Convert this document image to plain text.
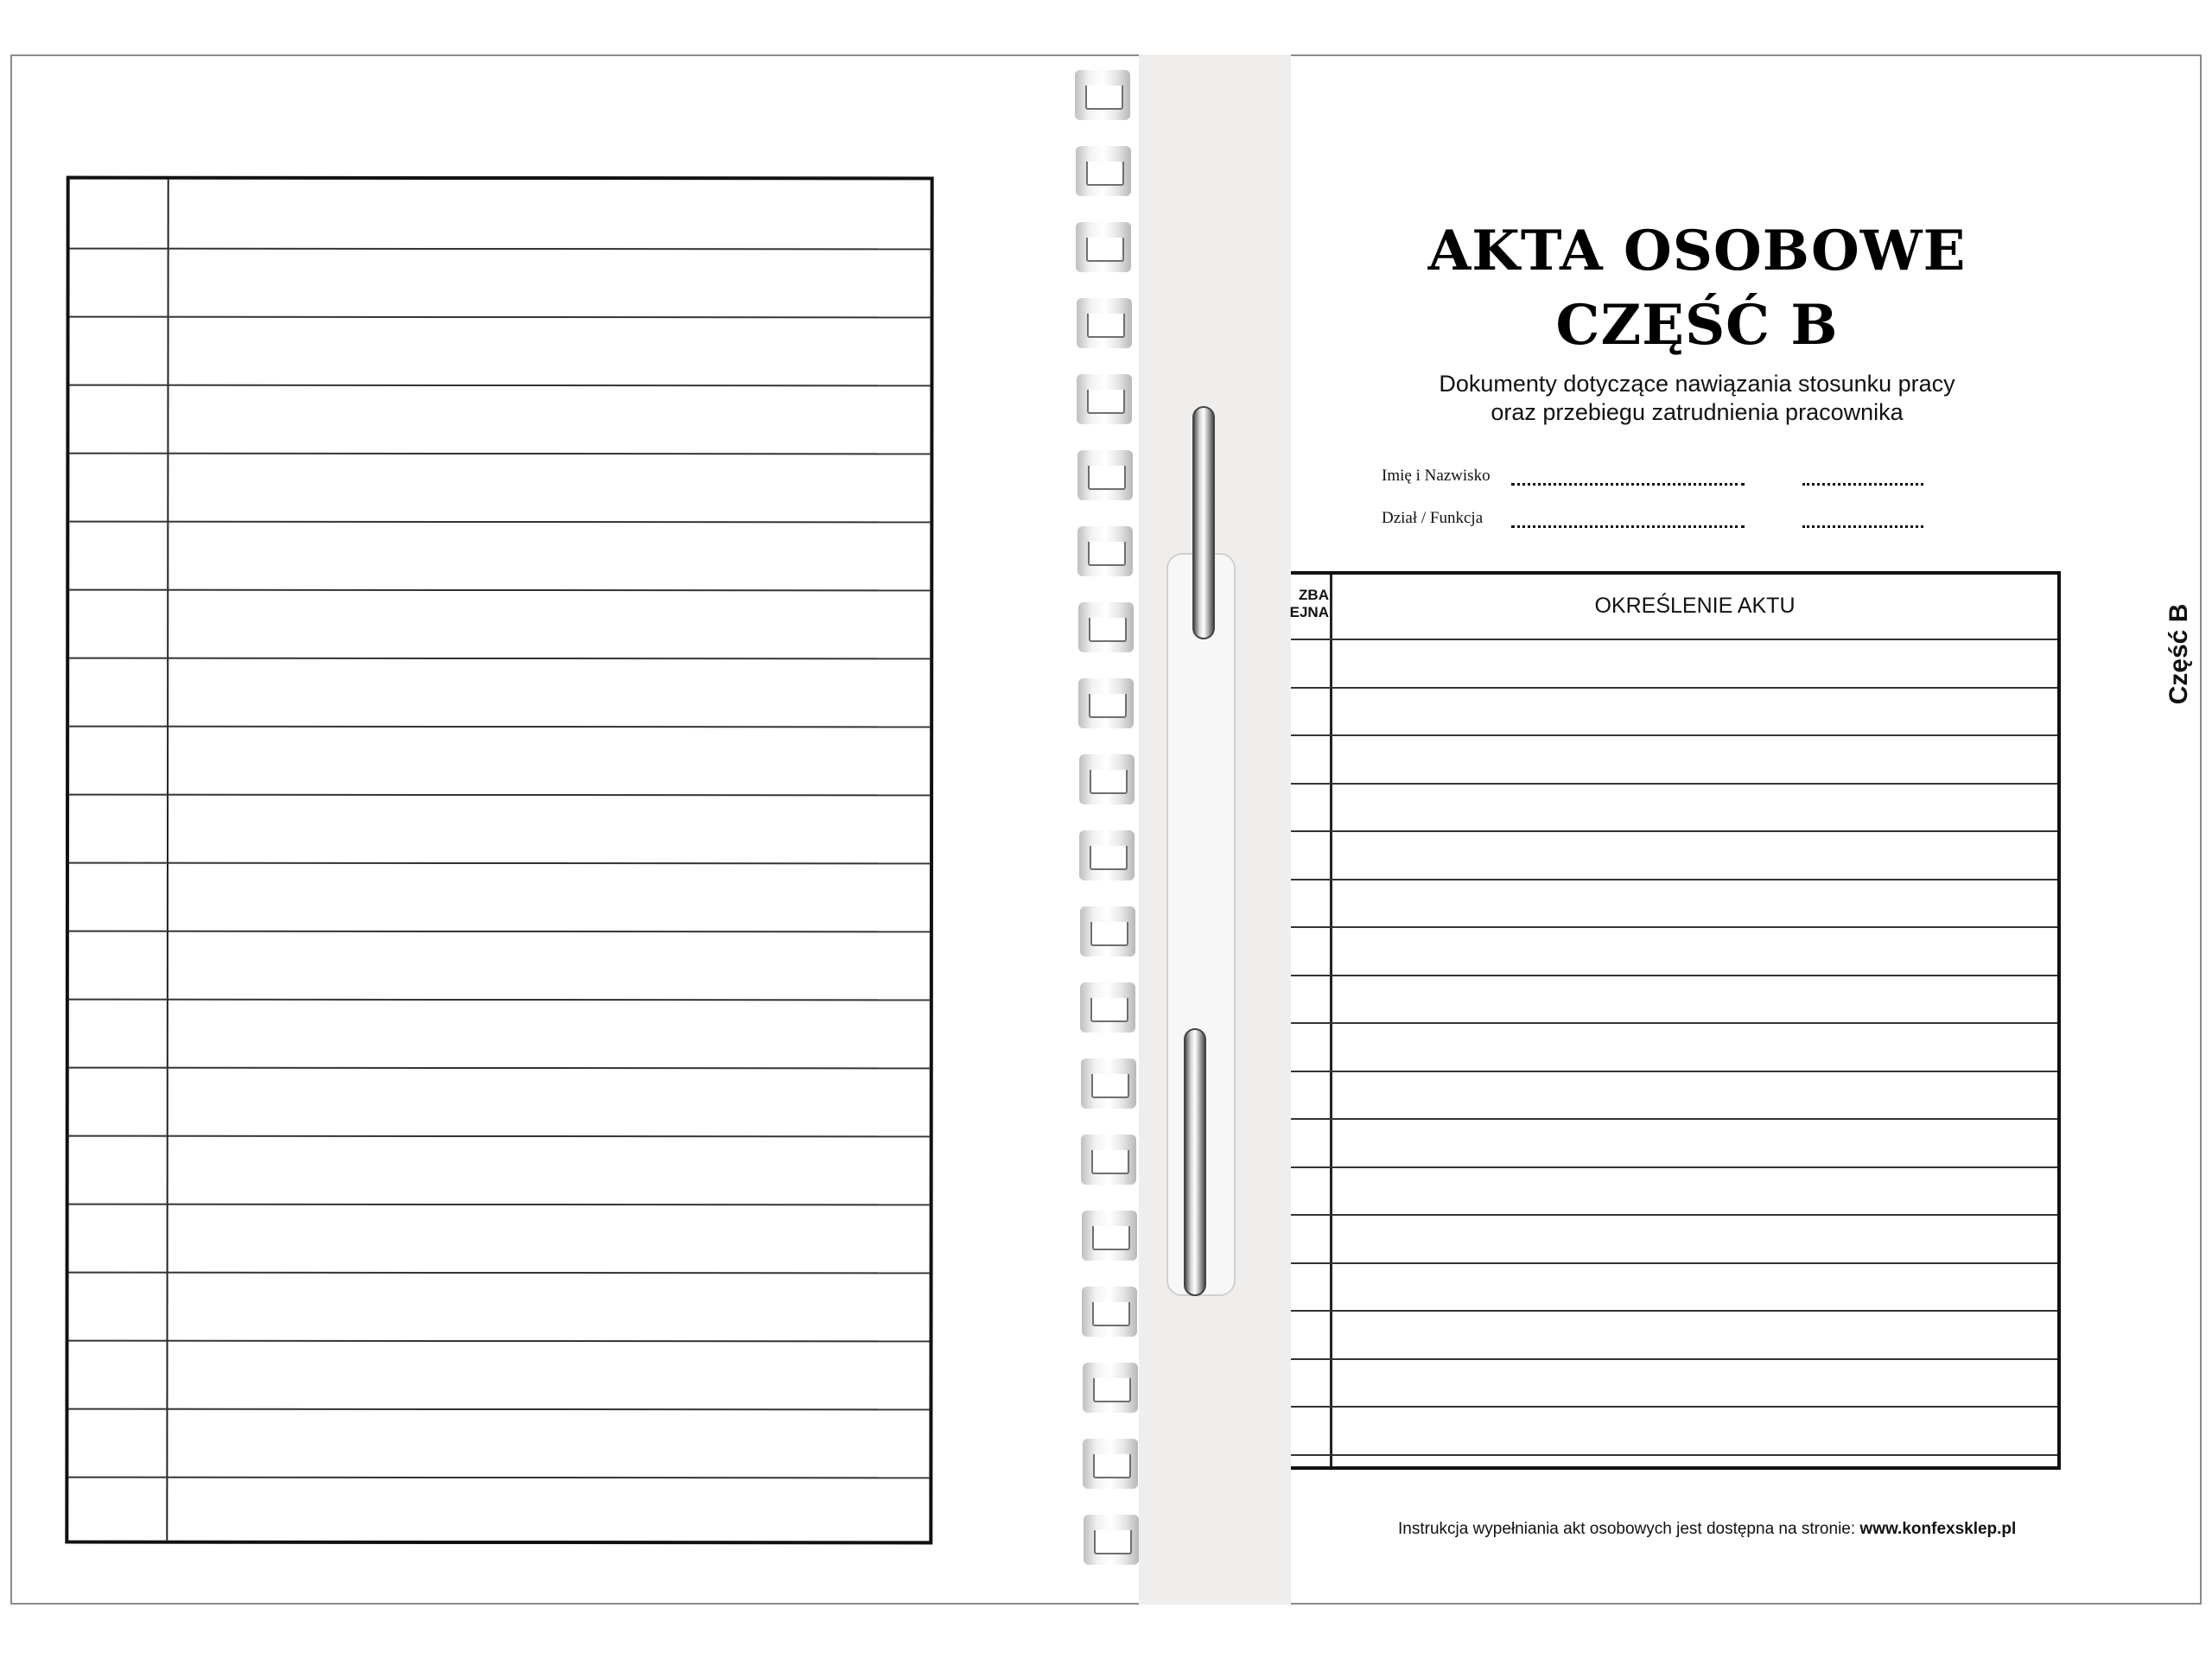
AKTA OSOBOWE
CZĘŚĆ B
Dokumenty dotyczące nawiązania stosunku pracy
oraz przebiegu zatrudnienia pracownika
Imię i Nazwisko
Dział / Funkcja
ZBA
EJNA	OKREŚLENIE AKTU
Instrukcja wypełniania akt osobowych jest dostępna na stronie: www.konfexsklep.pl
Część B
